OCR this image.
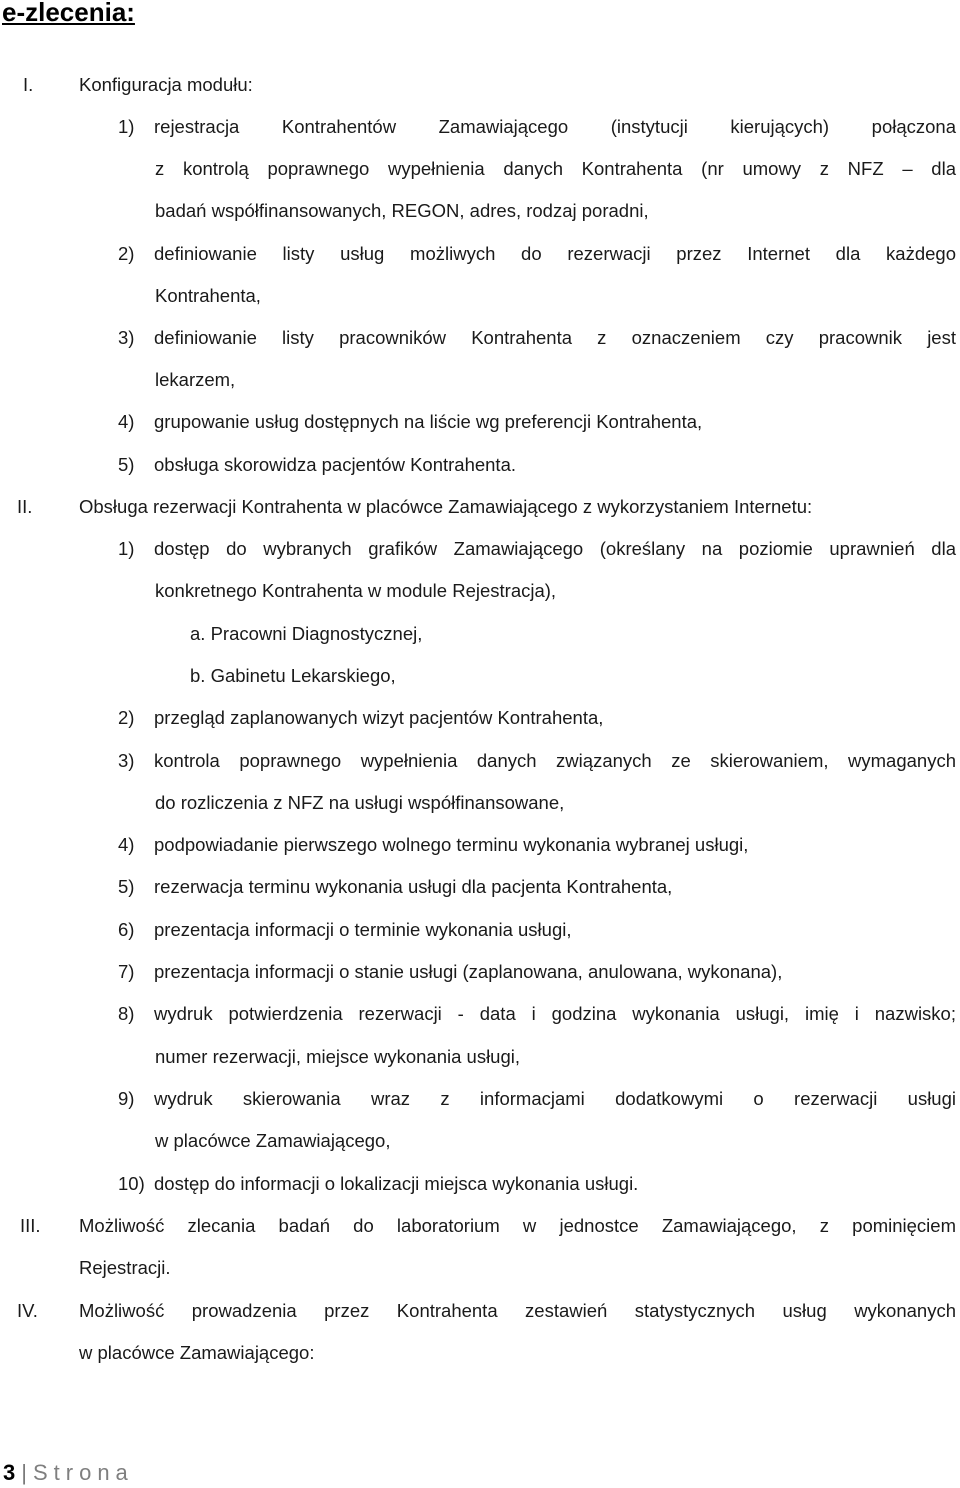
e-zlecenia:
I. Konfiguracja modułu:
1) rejestracja Kontrahentów Zamawiającego (instytucji kierujących) połączona
z kontrolą poprawnego wypełnienia danych Kontrahenta (nr umowy z NFZ – dla
badań współfinansowanych, REGON, adres, rodzaj poradni,
2) definiowanie listy usług możliwych do rezerwacji przez Internet dla każdego
Kontrahenta,
3) definiowanie listy pracowników Kontrahenta z oznaczeniem czy pracownik jest
lekarzem,
4) grupowanie usług dostępnych na liście wg preferencji Kontrahenta,
5) obsługa skorowidza pacjentów Kontrahenta.
II.	Obsługa rezerwacji Kontrahenta w placówce Zamawiającego z wykorzystaniem Internetu:
1) dostęp do wybranych grafików Zamawiającego (określany na poziomie uprawnień dla
konkretnego Kontrahenta w module Rejestracja),
a. Pracowni Diagnostycznej,
b. Gabinetu Lekarskiego,
2) przegląd zaplanowanych wizyt pacjentów Kontrahenta,
3) kontrola poprawnego wypełnienia danych związanych ze skierowaniem, wymaganych
do rozliczenia z NFZ na usługi współfinansowane,
4) podpowiadanie pierwszego wolnego terminu wykonania wybranej usługi,
5) rezerwacja terminu wykonania usługi dla pacjenta Kontrahenta,
6) prezentacja informacji o terminie wykonania usługi,
7) prezentacja informacji o stanie usługi (zaplanowana, anulowana, wykonana),
8) wydruk potwierdzenia rezerwacji - data i godzina wykonania usługi, imię i nazwisko;
numer rezerwacji, miejsce wykonania usługi,
9) wydruk skierowania wraz z informacjami dodatkowymi o rezerwacji usługi
w placówce Zamawiającego,
10) dostęp do informacji o lokalizacji miejsca wykonania usługi.
III. Możliwość zlecania badań do laboratorium w jednostce Zamawiającego, z pominięciem
Rejestracji.
IV. Możliwość prowadzenia przez Kontrahenta zestawień statystycznych usług wykonanych
w placówce Zamawiającego:
3 | Strona
